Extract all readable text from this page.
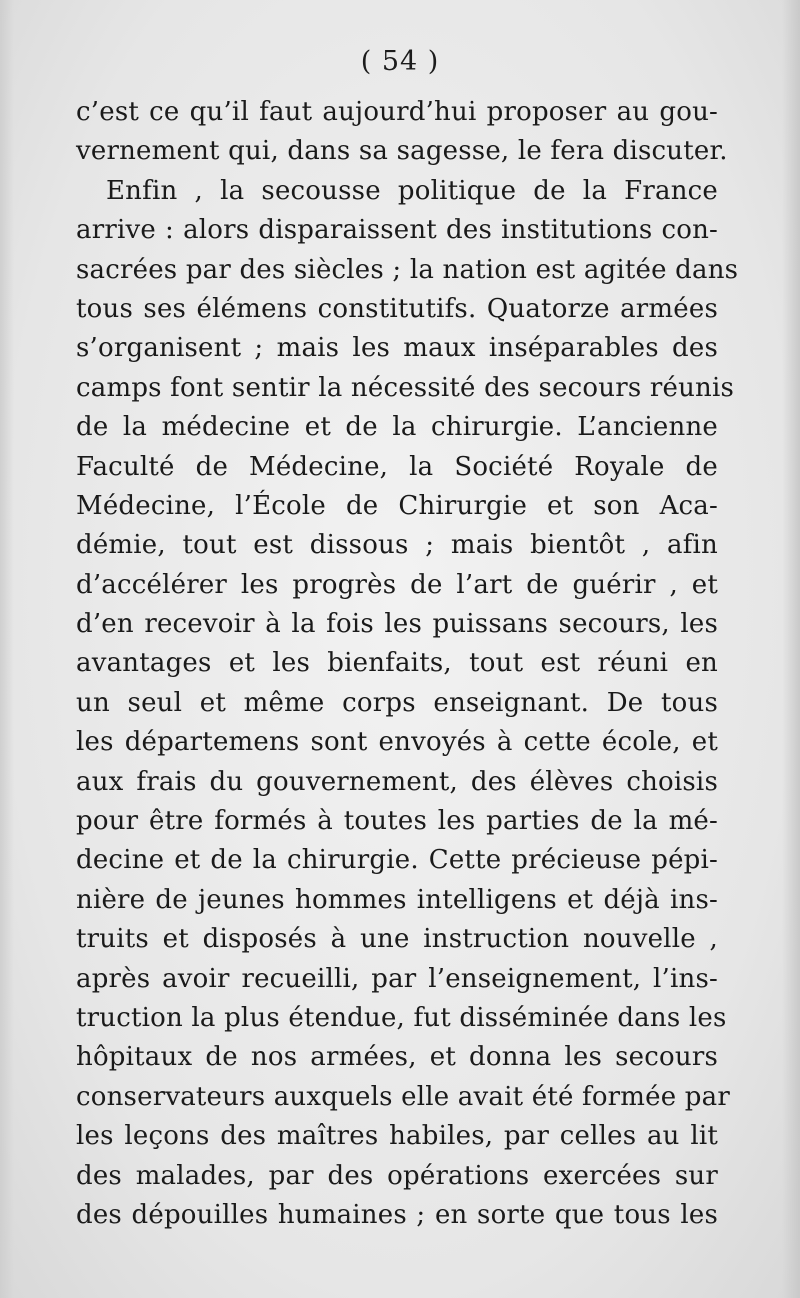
( 54 )
c’est ce qu’il faut aujourd’hui proposer au gou-
vernement qui, dans sa sagesse, le fera discuter.
Enfin , la secousse politique de la France
arrive : alors disparaissent des institutions con-
sacrées par des siècles ; la nation est agitée dans
tous ses élémens constitutifs. Quatorze armées
s’organisent ; mais les maux inséparables des
camps font sentir la nécessité des secours réunis
de la médecine et de la chirurgie. L’ancienne
Faculté de Médecine, la Société Royale de
Médecine, l’École de Chirurgie et son Aca-
démie, tout est dissous ; mais bientôt , afin
d’accélérer les progrès de l’art de guérir , et
d’en recevoir à la fois les puissans secours, les
avantages et les bienfaits, tout est réuni en
un seul et même corps enseignant. De tous
les départemens sont envoyés à cette école, et
aux frais du gouvernement, des élèves choisis
pour être formés à toutes les parties de la mé-
decine et de la chirurgie. Cette précieuse pépi-
nière de jeunes hommes intelligens et déjà ins-
truits et disposés à une instruction nouvelle ,
après avoir recueilli, par l’enseignement, l’ins-
truction la plus étendue, fut disséminée dans les
hôpitaux de nos armées, et donna les secours
conservateurs auxquels elle avait été formée par
les leçons des maîtres habiles, par celles au lit
des malades, par des opérations exercées sur
des dépouilles humaines ; en sorte que tous les
